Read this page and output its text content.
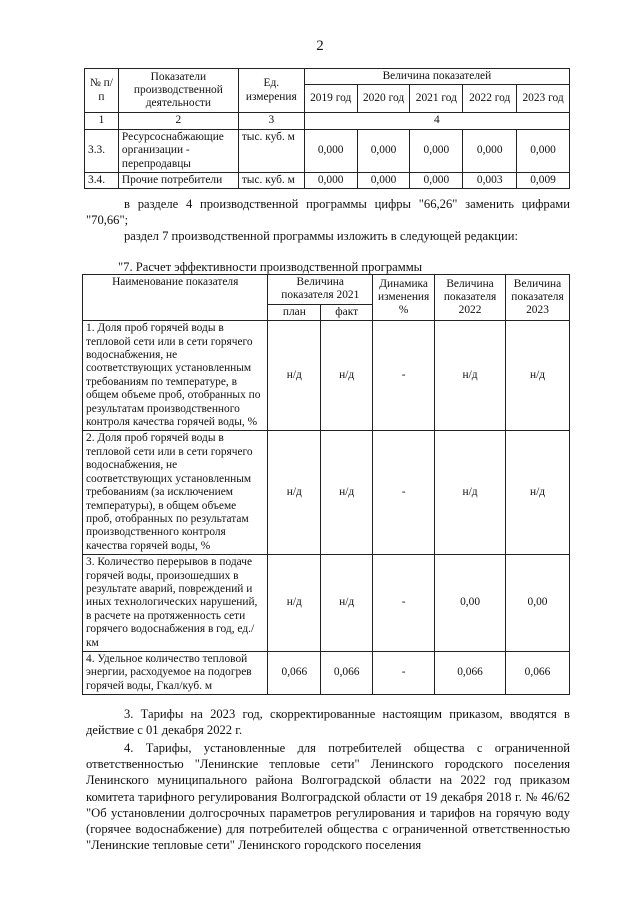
2
№ п/п	Показатели производственной деятельности	Ед. измерения	Величина показателей				
			2019 год	2020 год	2021 год	2022 год	2023 год
1	2	3	4				
3.3.	Ресурсоснабжающие организации - перепродавцы	тыс. куб. м	0,000	0,000	0,000	0,000	0,000
3.4.	Прочие потребители	тыс. куб. м	0,000	0,000	0,000	0,003	0,009
в разделе 4 производственной программы цифры "66,26" заменить цифрами "70,66";
раздел 7 производственной программы изложить в следующей редакции:
"7. Расчет эффективности производственной программы
Наименование показателя	Величина показателя 2021		Динамика изменения %	Величина показателя 2022	Величина показателя 2023
	план	факт			
1. Доля проб горячей воды в тепловой сети или в сети горячего водоснабжения, не соответствующих установленным требованиям по температуре, в общем объеме проб, отобранных по результатам производственного контроля качества горячей воды, %	н/д	н/д	-	н/д	н/д
2. Доля проб горячей воды в тепловой сети или в сети горячего водоснабжения, не соответствующих установленным требованиям (за исключением температуры), в общем объеме проб, отобранных по результатам производственного контроля качества горячей воды, %	н/д	н/д	-	н/д	н/д
3. Количество перерывов в подаче горячей воды, произошедших в результате аварий, повреждений и иных технологических нарушений, в расчете на протяженность сети горячего водоснабжения в год, ед./км	н/д	н/д	-	0,00	0,00
4. Удельное количество тепловой энергии, расходуемое на подогрев горячей воды, Гкал/куб. м	0,066	0,066	-	0,066	0,066
3. Тарифы на 2023 год, скорректированные настоящим приказом, вводятся в действие с 01 декабря 2022 г.
4. Тарифы, установленные для потребителей общества с ограниченной ответственностью "Ленинские тепловые сети" Ленинского городского поселения Ленинского муниципального района Волгоградской области на 2022 год приказом комитета тарифного регулирования Волгоградской области от 19 декабря 2018 г. № 46/62 "Об установлении долгосрочных параметров регулирования и тарифов на горячую воду (горячее водоснабжение) для потребителей общества с ограниченной ответственностью "Ленинские тепловые сети" Ленинского городского поселения
